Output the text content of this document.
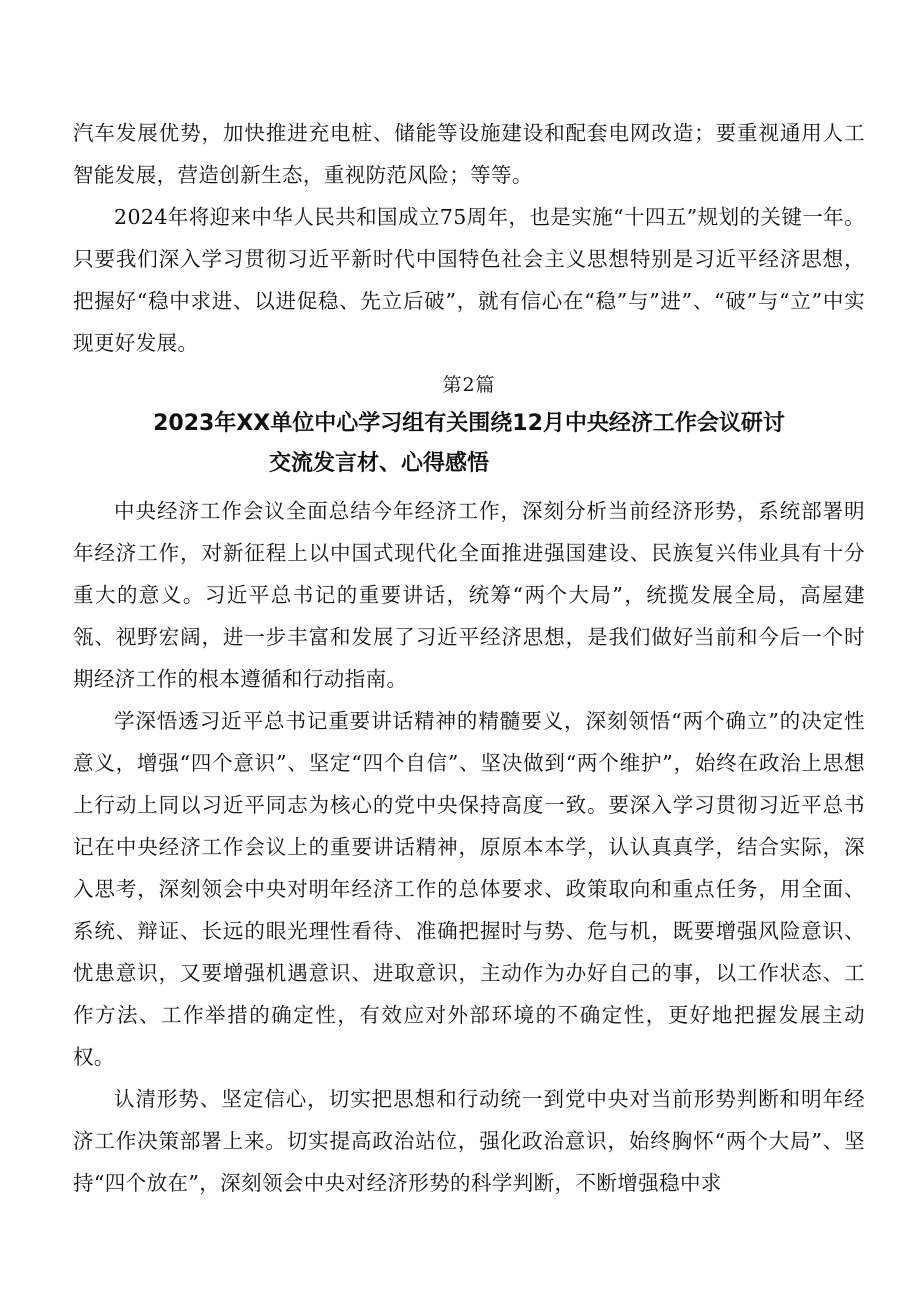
汽车发展优势，加快推进充电桩、储能等设施建设和配套电网改造；要重视通用人工智能发展，营造创新生态，重视防范风险；等等。

2024年将迎来中华人民共和国成立75周年，也是实施“十四五”规划的关键一年。只要我们深入学习贯彻习近平新时代中国特色社会主义思想特别是习近平经济思想，把握好“稳中求进、以进促稳、先立后破”，就有信心在“稳”与”进”、“破”与“立”中实现更好发展。

第2篇

2023年XX单位中心学习组有关围绕12月中央经济工作会议研讨
交流发言材、心得感悟

中央经济工作会议全面总结今年经济工作，深刻分析当前经济形势，系统部署明年经济工作，对新征程上以中国式现代化全面推进强国建设、民族复兴伟业具有十分重大的意义。习近平总书记的重要讲话，统筹“两个大局”，统揽发展全局，高屋建瓴、视野宏阔，进一步丰富和发展了习近平经济思想，是我们做好当前和今后一个时期经济工作的根本遵循和行动指南。

学深悟透习近平总书记重要讲话精神的精髓要义，深刻领悟“两个确立”的决定性意义，增强“四个意识”、坚定“四个自信”、坚决做到“两个维护”，始终在政治上思想上行动上同以习近平同志为核心的党中央保持高度一致。要深入学习贯彻习近平总书记在中央经济工作会议上的重要讲话精神，原原本本学，认认真真学，结合实际，深入思考，深刻领会中央对明年经济工作的总体要求、政策取向和重点任务，用全面、系统、辩证、长远的眼光理性看待、准确把握时与势、危与机，既要增强风险意识、忧患意识，又要增强机遇意识、进取意识，主动作为办好自己的事，以工作状态、工作方法、工作举措的确定性，有效应对外部环境的不确定性，更好地把握发展主动权。

认清形势、坚定信心，切实把思想和行动统一到党中央对当前形势判断和明年经济工作决策部署上来。切实提高政治站位，强化政治意识，始终胸怀“两个大局”、坚持“四个放在”，深刻领会中央对经济形势的科学判断，不断增强稳中求
